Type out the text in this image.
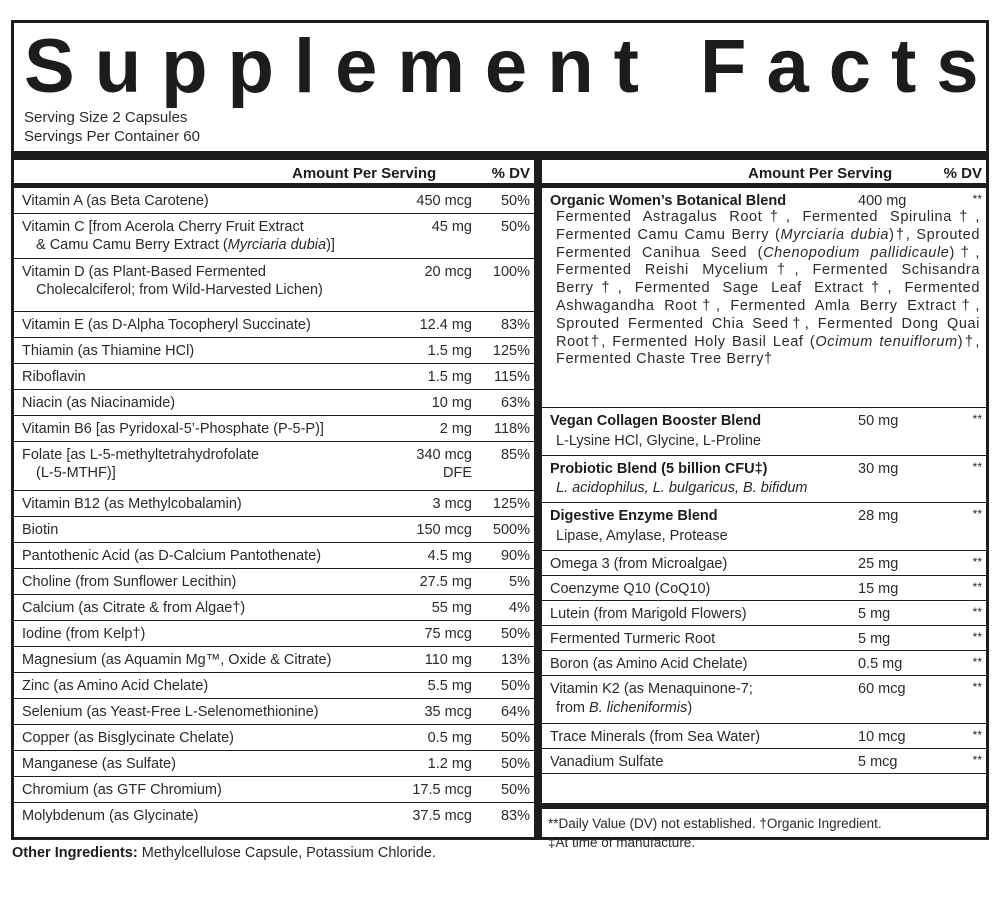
Supplement Facts
Serving Size 2 Capsules
Servings Per Container 60
Amount Per Serving	% DV
Vitamin A (as Beta Carotene)	450 mcg 50%
Vitamin C [from Acerola Cherry Fruit Extract
& Camu Camu Berry Extract (Myrciaria dubia)]
45 mg 50%
Vitamin D (as Plant-Based Fermented
Cholecalciferol; from Wild-Harvested Lichen)
20 mcg 100%
Vitamin E (as D-Alpha Tocopheryl Succinate)	12.4 mg 83%
Thiamin (as Thiamine HCl)	1.5 mg 125%
Riboflavin	1.5 mg 115%
Niacin (as Niacinamide)	10 mg 63%
Vitamin B6 [as Pyridoxal-5’-Phosphate (P-5-P)]	2 mg 118%
Folate [as L-5-methyltetrahydrofolate
(L-5-MTHF)]
340 mcg
DFE
85%
Vitamin B12 (as Methylcobalamin)	3 mcg 125%
Biotin	150 mcg 500%
Pantothenic Acid (as D-Calcium Pantothenate)	4.5 mg 90%
Choline (from Sunflower Lecithin)	27.5 mg	5%
Calcium (as Citrate & from Algae†)	55 mg	4%
Iodine (from Kelp†)	75 mcg 50%
Magnesium (as Aquamin Mg™, Oxide & Citrate)	110 mg 13%
Zinc (as Amino Acid Chelate)	5.5 mg 50%
Selenium (as Yeast-Free L-Selenomethionine)	35 mcg 64%
Copper (as Bisglycinate Chelate)	0.5 mg 50%
Manganese (as Sulfate)	1.2 mg 50%
Chromium (as GTF Chromium)	17.5 mcg 50%
Molybdenum (as Glycinate)	37.5 mcg 83%
Amount Per Serving	% DV
Organic Women’s Botanical Blend	400 mg	**
Fermented Astragalus Root†, Fermented Spirulina†, Fermented Camu Camu Berry (Myrciaria dubia)†, Sprouted Fermented Canihua Seed (Chenopodium pallidicaule)†, Fermented Reishi Mycelium†, Fermented Schisandra Berry†, Fermented Sage Leaf Extract†, Fermented Ashwagandha Root†, Fermented Amla Berry Extract†, Sprouted Fermented Chia Seed†, Fermented Dong Quai Root†, Fermented Holy Basil Leaf (Ocimum tenuiflorum)†, Fermented Chaste Tree Berry†
Vegan Collagen Booster Blend	50 mg	**
L-Lysine HCl, Glycine, L-Proline
Probiotic Blend (5 billion CFU‡)	30 mg	**
L. acidophilus, L. bulgaricus, B. bifidum
Digestive Enzyme Blend	28 mg	**
Lipase, Amylase, Protease
Omega 3 (from Microalgae)	25 mg	**
Coenzyme Q10 (CoQ10)	15 mg	**
Lutein (from Marigold Flowers)	5 mg	**
Fermented Turmeric Root	5 mg	**
Boron (as Amino Acid Chelate)	0.5 mg	**
Vitamin K2 (as Menaquinone-7;
from B. licheniformis)
60 mcg	**
Trace Minerals (from Sea Water)	10 mcg	**
Vanadium Sulfate	5 mcg	**
**Daily Value (DV) not established. †Organic Ingredient.
‡At time of manufacture.
Other Ingredients: Methylcellulose Capsule, Potassium Chloride.
